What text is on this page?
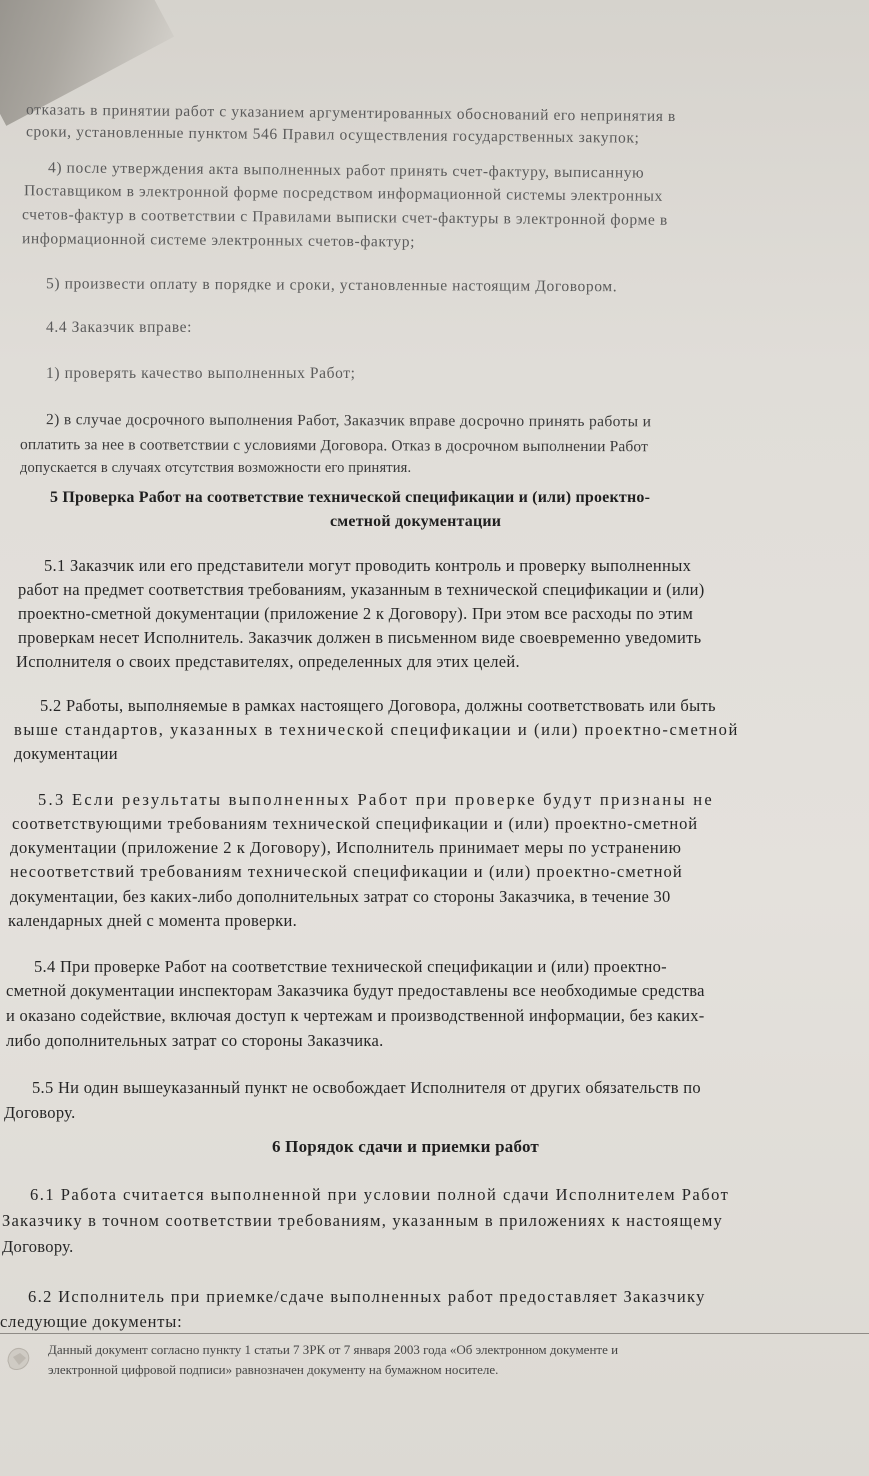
отказать в принятии работ с указанием аргументированных обоснований его непринятия в
сроки, установленные пунктом 546 Правил осуществления государственных закупок;
4) после утверждения акта выполненных работ принять счет-фактуру, выписанную
Поставщиком в электронной форме посредством информационной системы электронных
счетов-фактур в соответствии с Правилами выписки счет-фактуры в электронной форме в
информационной системе электронных счетов-фактур;
5) произвести оплату в порядке и сроки, установленные настоящим Договором.
4.4 Заказчик вправе:
1) проверять качество выполненных Работ;
2) в случае досрочного выполнения Работ, Заказчик вправе досрочно принять работы и
оплатить за нее в соответствии с условиями Договора. Отказ в досрочном выполнении Работ
допускается в случаях отсутствия возможности его принятия.
5 Проверка Работ на соответствие технической спецификации и (или) проектно-
сметной документации
5.1 Заказчик или его представители могут проводить контроль и проверку выполненных
работ на предмет соответствия требованиям, указанным в технической спецификации и (или)
проектно-сметной документации (приложение 2 к Договору). При этом все расходы по этим
проверкам несет Исполнитель. Заказчик должен в письменном виде своевременно уведомить
Исполнителя о своих представителях, определенных для этих целей.
5.2 Работы, выполняемые в рамках настоящего Договора, должны соответствовать или быть
выше стандартов, указанных в технической спецификации и (или) проектно-сметной
документации
5.3 Если результаты выполненных Работ при проверке будут признаны не
соответствующими требованиям технической спецификации и (или) проектно-сметной
документации (приложение 2 к Договору), Исполнитель принимает меры по устранению
несоответствий требованиям технической спецификации и (или) проектно-сметной
документации, без каких-либо дополнительных затрат со стороны Заказчика, в течение 30
календарных дней с момента проверки.
5.4 При проверке Работ на соответствие технической спецификации и (или) проектно-
сметной документации инспекторам Заказчика будут предоставлены все необходимые средства
и оказано содействие, включая доступ к чертежам и производственной информации, без каких-
либо дополнительных затрат со стороны Заказчика.
5.5 Ни один вышеуказанный пункт не освобождает Исполнителя от других обязательств по
Договору.
6 Порядок сдачи и приемки работ
6.1 Работа считается выполненной при условии полной сдачи Исполнителем Работ
Заказчику в точном соответствии требованиям, указанным в приложениях к настоящему
Договору.
6.2 Исполнитель при приемке/сдаче выполненных работ предоставляет Заказчику
следующие документы:
Данный документ согласно пункту 1 статьи 7 ЗРК от 7 января 2003 года «Об электронном документе и
электронной цифровой подписи» равнозначен документу на бумажном носителе.
